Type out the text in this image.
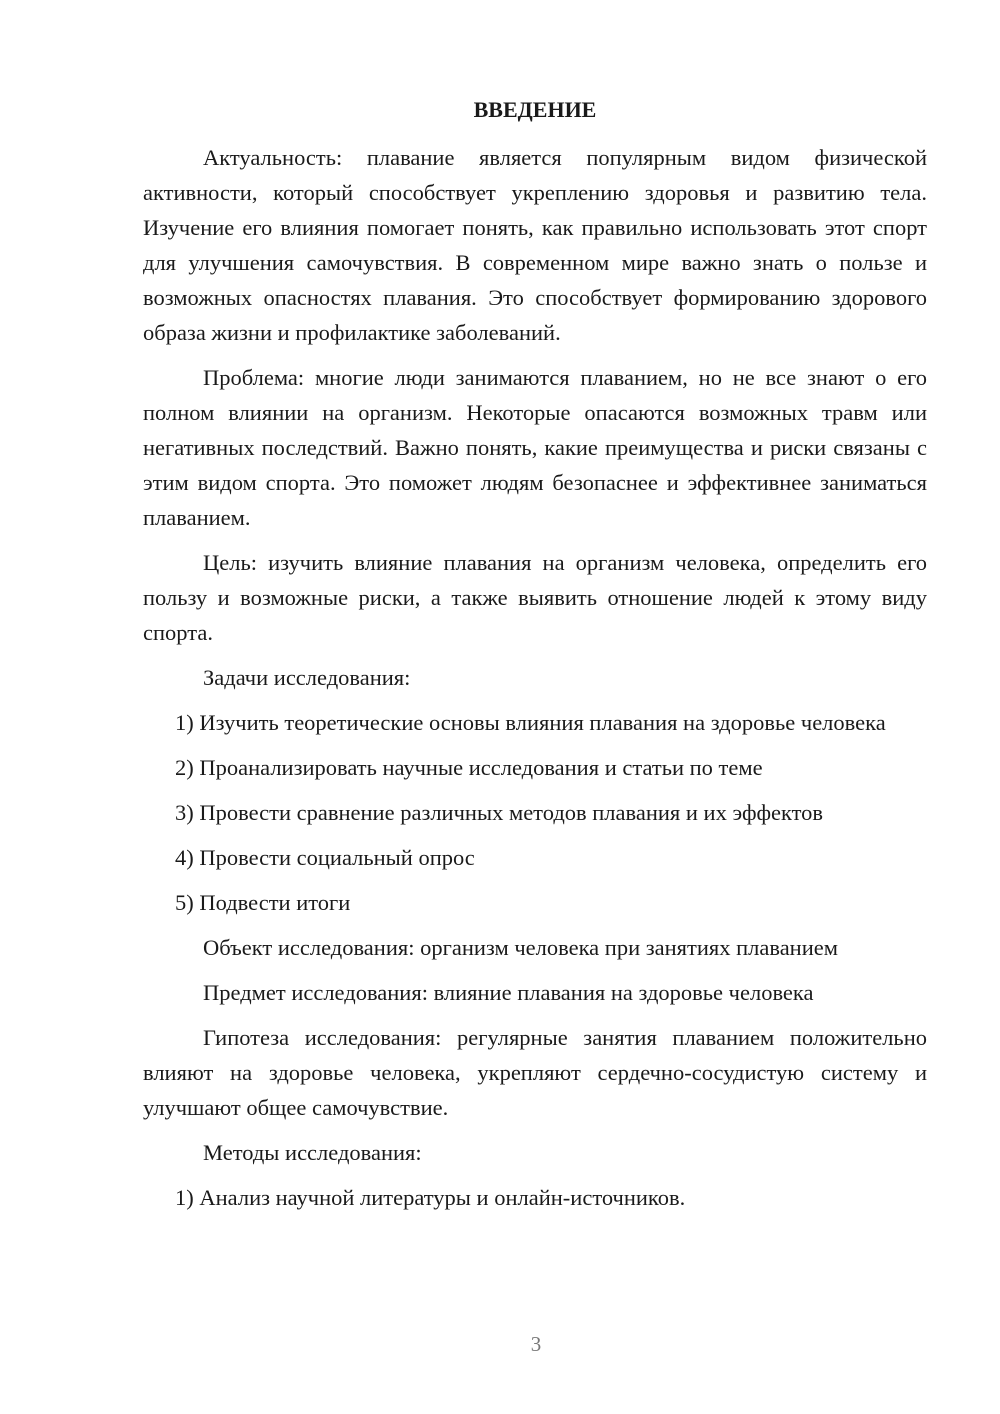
ВВЕДЕНИЕ

Актуальность: плавание является популярным видом физической активности, который способствует укреплению здоровья и развитию тела. Изучение его влияния помогает понять, как правильно использовать этот спорт для улучшения самочувствия. В современном мире важно знать о пользе и возможных опасностях плавания. Это способствует формированию здорового образа жизни и профилактике заболеваний.

Проблема: многие люди занимаются плаванием, но не все знают о его полном влиянии на организм. Некоторые опасаются возможных травм или негативных последствий. Важно понять, какие преимущества и риски связаны с этим видом спорта. Это поможет людям безопаснее и эффективнее заниматься плаванием.

Цель: изучить влияние плавания на организм человека, определить его пользу и возможные риски, а также выявить отношение людей к этому виду спорта.

Задачи исследования:

1) Изучить теоретические основы влияния плавания на здоровье человека

2) Проанализировать научные исследования и статьи по теме

3) Провести сравнение различных методов плавания и их эффектов

4) Провести социальный опрос

5) Подвести итоги

Объект исследования: организм человека при занятиях плаванием

Предмет исследования: влияние плавания на здоровье человека

Гипотеза исследования: регулярные занятия плаванием положительно влияют на здоровье человека, укрепляют сердечно-сосудистую систему и улучшают общее самочувствие.

Методы исследования:

1) Анализ научной литературы и онлайн-источников.

3
